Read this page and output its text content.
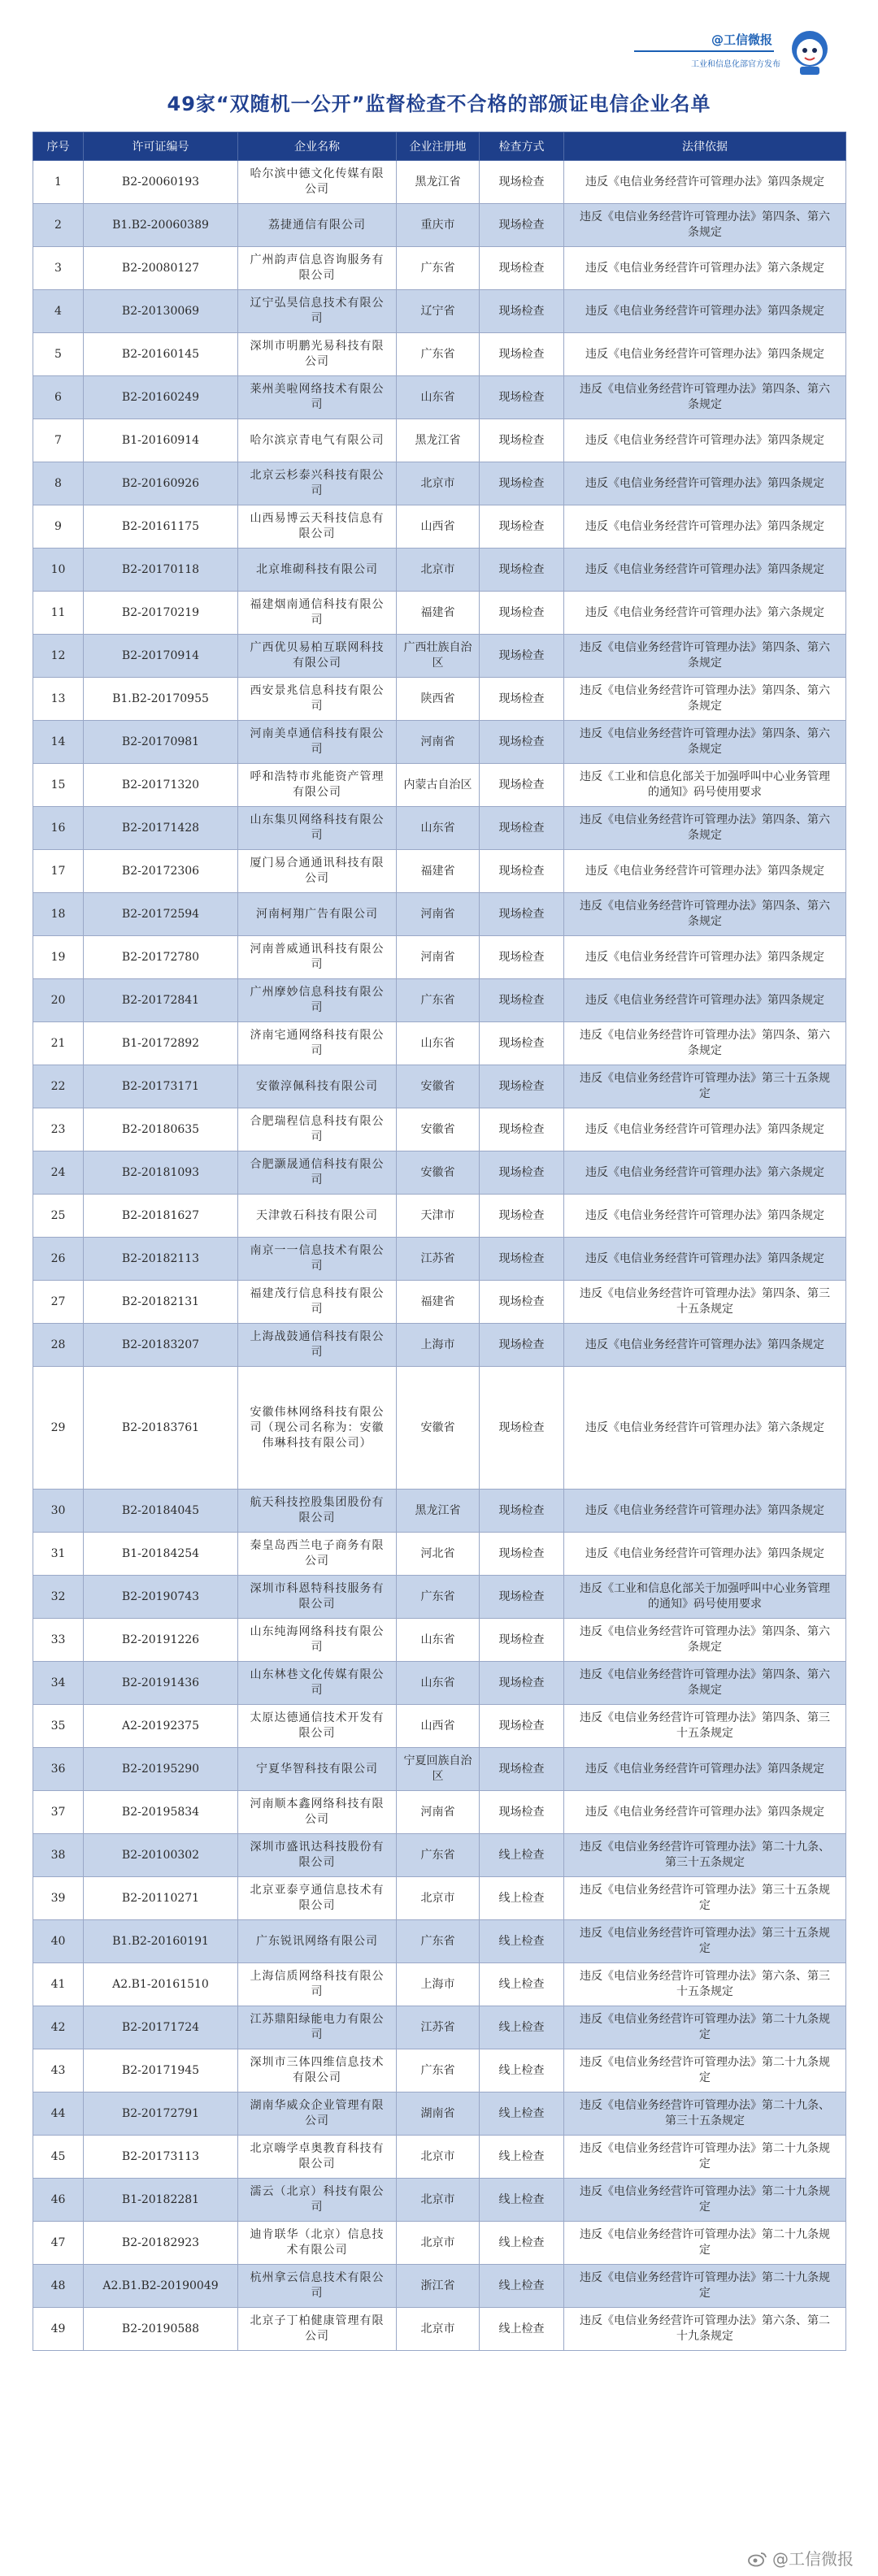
@工信微报
工业和信息化部官方发布
49家“双随机一公开”监督检查不合格的部颁证电信企业名单
序号	许可证编号	企业名称	企业注册地	检查方式	法律依据
1	B2-20060193	哈尔滨中德文化传媒有限公司	黑龙江省	现场检查	违反《电信业务经营许可管理办法》第四条规定
2	B1.B2-20060389	荔捷通信有限公司	重庆市	现场检查	违反《电信业务经营许可管理办法》第四条、第六条规定
3	B2-20080127	广州韵声信息咨询服务有限公司	广东省	现场检查	违反《电信业务经营许可管理办法》第六条规定
4	B2-20130069	辽宁弘昊信息技术有限公司	辽宁省	现场检查	违反《电信业务经营许可管理办法》第四条规定
5	B2-20160145	深圳市明鹏光易科技有限公司	广东省	现场检查	违反《电信业务经营许可管理办法》第四条规定
6	B2-20160249	莱州美啦网络技术有限公司	山东省	现场检查	违反《电信业务经营许可管理办法》第四条、第六条规定
7	B1-20160914	哈尔滨京青电气有限公司	黑龙江省	现场检查	违反《电信业务经营许可管理办法》第四条规定
8	B2-20160926	北京云杉泰兴科技有限公司	北京市	现场检查	违反《电信业务经营许可管理办法》第四条规定
9	B2-20161175	山西易博云天科技信息有限公司	山西省	现场检查	违反《电信业务经营许可管理办法》第四条规定
10	B2-20170118	北京堆砌科技有限公司	北京市	现场检查	违反《电信业务经营许可管理办法》第四条规定
11	B2-20170219	福建烟南通信科技有限公司	福建省	现场检查	违反《电信业务经营许可管理办法》第六条规定
12	B2-20170914	广西优贝易柏互联网科技有限公司	广西壮族自治区	现场检查	违反《电信业务经营许可管理办法》第四条、第六条规定
13	B1.B2-20170955	西安景兆信息科技有限公司	陕西省	现场检查	违反《电信业务经营许可管理办法》第四条、第六条规定
14	B2-20170981	河南美卓通信科技有限公司	河南省	现场检查	违反《电信业务经营许可管理办法》第四条、第六条规定
15	B2-20171320	呼和浩特市兆能资产管理有限公司	内蒙古自治区	现场检查	违反《工业和信息化部关于加强呼叫中心业务管理的通知》码号使用要求
16	B2-20171428	山东集贝网络科技有限公司	山东省	现场检查	违反《电信业务经营许可管理办法》第四条、第六条规定
17	B2-20172306	厦门易合通通讯科技有限公司	福建省	现场检查	违反《电信业务经营许可管理办法》第四条规定
18	B2-20172594	河南柯翔广告有限公司	河南省	现场检查	违反《电信业务经营许可管理办法》第四条、第六条规定
19	B2-20172780	河南普威通讯科技有限公司	河南省	现场检查	违反《电信业务经营许可管理办法》第四条规定
20	B2-20172841	广州摩妙信息科技有限公司	广东省	现场检查	违反《电信业务经营许可管理办法》第四条规定
21	B1-20172892	济南宅通网络科技有限公司	山东省	现场检查	违反《电信业务经营许可管理办法》第四条、第六条规定
22	B2-20173171	安徽淳佩科技有限公司	安徽省	现场检查	违反《电信业务经营许可管理办法》第三十五条规定
23	B2-20180635	合肥瑞程信息科技有限公司	安徽省	现场检查	违反《电信业务经营许可管理办法》第四条规定
24	B2-20181093	合肥灏晟通信科技有限公司	安徽省	现场检查	违反《电信业务经营许可管理办法》第六条规定
25	B2-20181627	天津敦石科技有限公司	天津市	现场检查	违反《电信业务经营许可管理办法》第四条规定
26	B2-20182113	南京一一信息技术有限公司	江苏省	现场检查	违反《电信业务经营许可管理办法》第四条规定
27	B2-20182131	福建茂行信息科技有限公司	福建省	现场检查	违反《电信业务经营许可管理办法》第四条、第三十五条规定
28	B2-20183207	上海战鼓通信科技有限公司	上海市	现场检查	违反《电信业务经营许可管理办法》第四条规定
29	B2-20183761	安徽伟林网络科技有限公司（现公司名称为：安徽伟琳科技有限公司）	安徽省	现场检查	违反《电信业务经营许可管理办法》第六条规定
30	B2-20184045	航天科技控股集团股份有限公司	黑龙江省	现场检查	违反《电信业务经营许可管理办法》第四条规定
31	B1-20184254	秦皇岛西兰电子商务有限公司	河北省	现场检查	违反《电信业务经营许可管理办法》第四条规定
32	B2-20190743	深圳市科恩特科技服务有限公司	广东省	现场检查	违反《工业和信息化部关于加强呼叫中心业务管理的通知》码号使用要求
33	B2-20191226	山东纯海网络科技有限公司	山东省	现场检查	违反《电信业务经营许可管理办法》第四条、第六条规定
34	B2-20191436	山东林巷文化传媒有限公司	山东省	现场检查	违反《电信业务经营许可管理办法》第四条、第六条规定
35	A2-20192375	太原达德通信技术开发有限公司	山西省	现场检查	违反《电信业务经营许可管理办法》第四条、第三十五条规定
36	B2-20195290	宁夏华智科技有限公司	宁夏回族自治区	现场检查	违反《电信业务经营许可管理办法》第四条规定
37	B2-20195834	河南顺本鑫网络科技有限公司	河南省	现场检查	违反《电信业务经营许可管理办法》第四条规定
38	B2-20100302	深圳市盛讯达科技股份有限公司	广东省	线上检查	违反《电信业务经营许可管理办法》第二十九条、第三十五条规定
39	B2-20110271	北京亚泰亨通信息技术有限公司	北京市	线上检查	违反《电信业务经营许可管理办法》第三十五条规定
40	B1.B2-20160191	广东锐讯网络有限公司	广东省	线上检查	违反《电信业务经营许可管理办法》第三十五条规定
41	A2.B1-20161510	上海信质网络科技有限公司	上海市	线上检查	违反《电信业务经营许可管理办法》第六条、第三十五条规定
42	B2-20171724	江苏鼎阳绿能电力有限公司	江苏省	线上检查	违反《电信业务经营许可管理办法》第二十九条规定
43	B2-20171945	深圳市三体四维信息技术有限公司	广东省	线上检查	违反《电信业务经营许可管理办法》第二十九条规定
44	B2-20172791	湖南华威众企业管理有限公司	湖南省	线上检查	违反《电信业务经营许可管理办法》第二十九条、第三十五条规定
45	B2-20173113	北京嗨学卓奥教育科技有限公司	北京市	线上检查	违反《电信业务经营许可管理办法》第二十九条规定
46	B1-20182281	濡云（北京）科技有限公司	北京市	线上检查	违反《电信业务经营许可管理办法》第二十九条规定
47	B2-20182923	迪肯联华（北京）信息技术有限公司	北京市	线上检查	违反《电信业务经营许可管理办法》第二十九条规定
48	A2.B1.B2-20190049	杭州拿云信息技术有限公司	浙江省	线上检查	违反《电信业务经营许可管理办法》第二十九条规定
49	B2-20190588	北京子丁柏健康管理有限公司	北京市	线上检查	违反《电信业务经营许可管理办法》第六条、第二十九条规定
@工信微报
